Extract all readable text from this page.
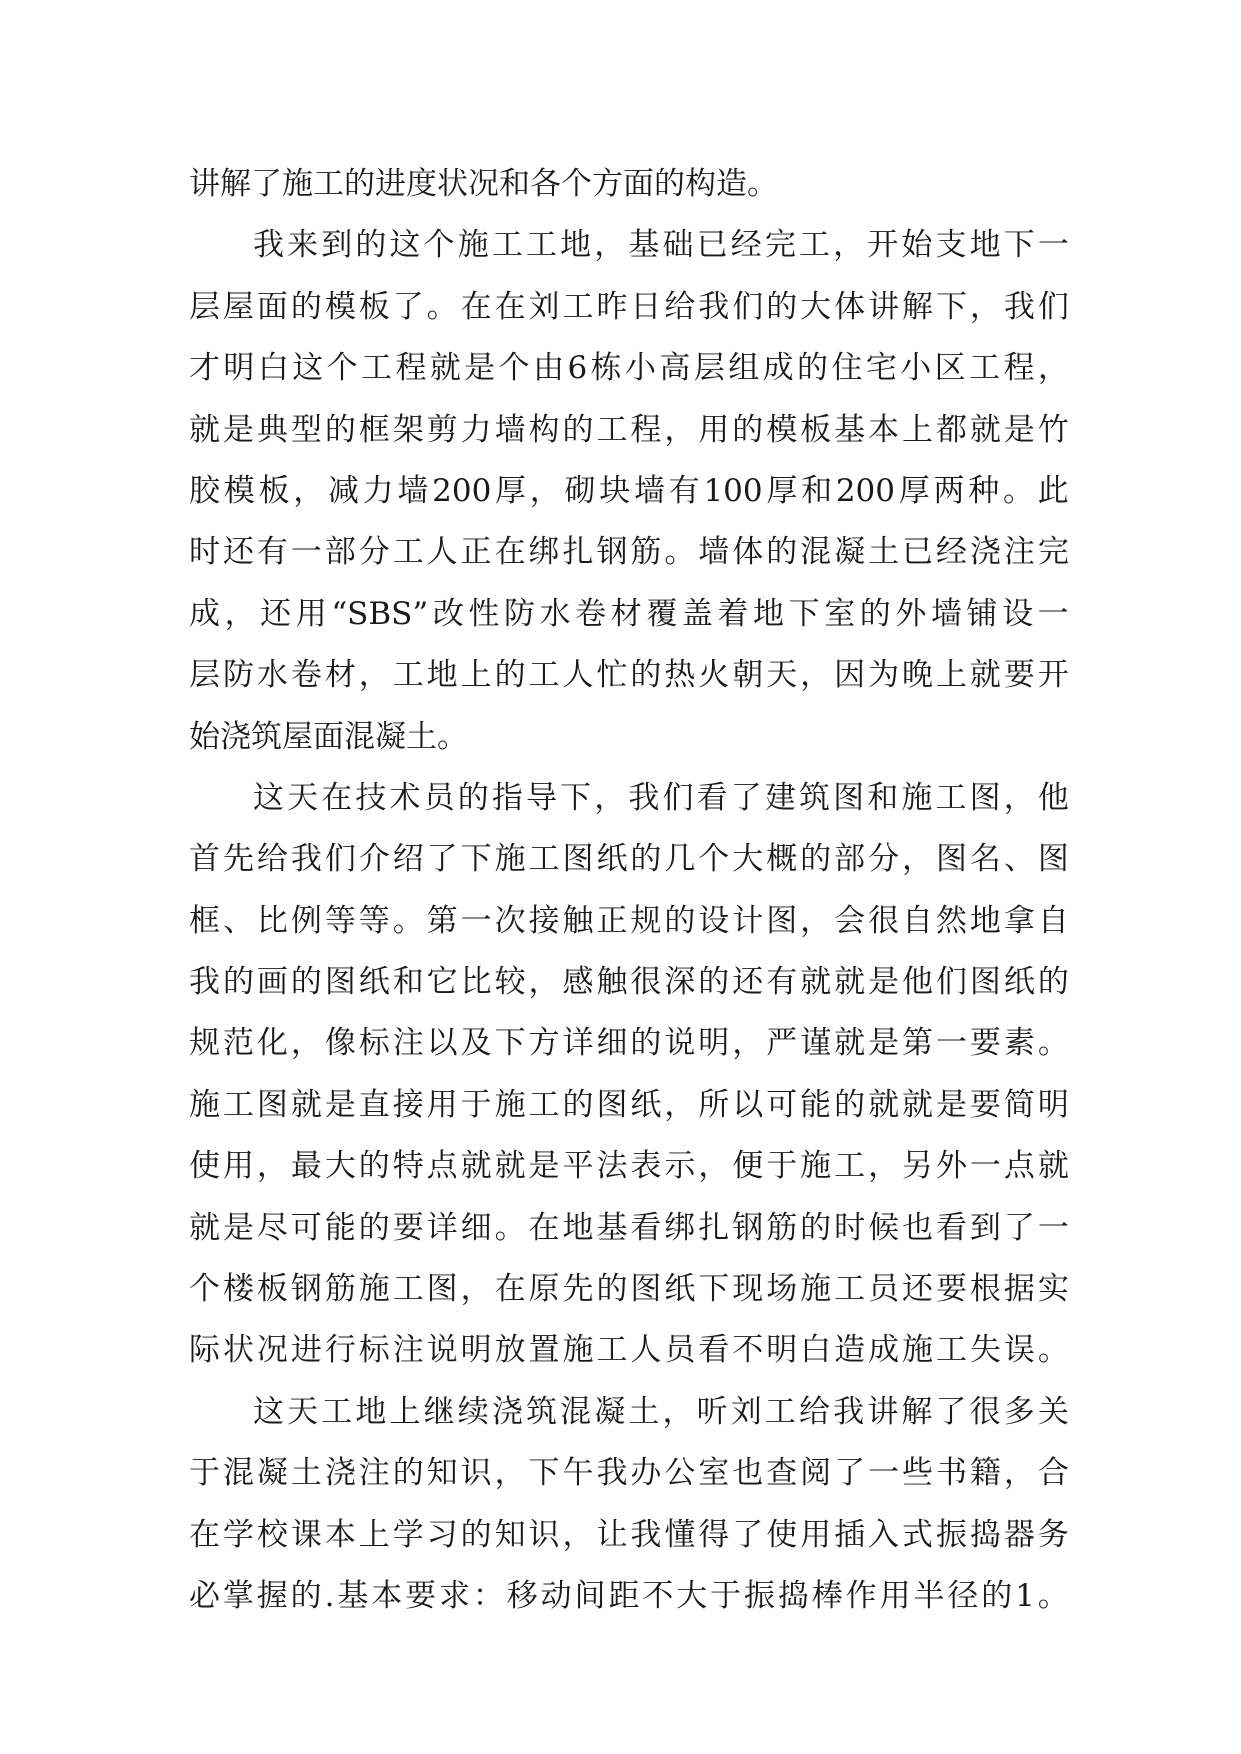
讲解了施工的进度状况和各个方面的构造。
我 来 到 的 这 个 施 工 工 地 ， 基 础 已 经 完 工 ， 开 始 支 地 下 一
层 屋 面 的 模 板 了 。 在 在 刘 工 昨 日 给 我 们 的 大 体 讲 解 下 ， 我 们
才 明 白 这 个 工 程 就 是 个 由 6 栋 小 高 层 组 成 的 住 宅 小 区 工 程 ，
就 是 典 型 的 框 架 剪 力 墙 构 的 工 程 ， 用 的 模 板 基 本 上 都 就 是 竹
胶 模 板 ， 减 力 墙 200 厚 ， 砌 块 墙 有 100 厚 和 200 厚 两 种 。 此
时 还 有 一 部 分 工 人 正 在 绑 扎 钢 筋 。 墙 体 的 混 凝 土 已 经 浇 注 完
成 ， 还 用 “SBS” 改 性 防 水 卷 材 覆 盖 着 地 下 室 的 外 墙 铺 设 一
层 防 水 卷 材 ， 工 地 上 的 工 人 忙 的 热 火 朝 天 ， 因 为 晚 上 就 要 开
始浇筑屋面混凝土。
这 天 在 技 术 员 的 指 导 下 ， 我 们 看 了 建 筑 图 和 施 工 图 ， 他
首 先 给 我 们 介 绍 了 下 施 工 图 纸 的 几 个 大 概 的 部 分 ， 图 名 、 图
框 、 比 例 等 等 。 第 一 次 接 触 正 规 的 设 计 图 ， 会 很 自 然 地 拿 自
我 的 画 的 图 纸 和 它 比 较 ， 感 触 很 深 的 还 有 就 就 是 他 们 图 纸 的
规 范 化 ， 像 标 注 以 及 下 方 详 细 的 说 明 ， 严 谨 就 是 第 一 要 素 。
施 工 图 就 是 直 接 用 于 施 工 的 图 纸 ， 所 以 可 能 的 就 就 是 要 简 明
使 用 ， 最 大 的 特 点 就 就 是 平 法 表 示 ， 便 于 施 工 ， 另 外 一 点 就
就 是 尽 可 能 的 要 详 细 。 在 地 基 看 绑 扎 钢 筋 的 时 候 也 看 到 了 一
个 楼 板 钢 筋 施 工 图 ， 在 原 先 的 图 纸 下 现 场 施 工 员 还 要 根 据 实
际 状 况 进 行 标 注 说 明 放 置 施 工 人 员 看 不 明 白 造 成 施 工 失 误 。
这 天 工 地 上 继 续 浇 筑 混 凝 土 ， 听 刘 工 给 我 讲 解 了 很 多 关
于 混 凝 土 浇 注 的 知 识 ， 下 午 我 办 公 室 也 查 阅 了 一 些 书 籍 ， 合
在 学 校 课 本 上 学 习 的 知 识 ， 让 我 懂 得 了 使 用 插 入 式 振 捣 器 务
必 掌 握 的 . 基 本 要 求 ： 移 动 间 距 不 大 于 振 捣 棒 作 用 半 径 的 1 。
